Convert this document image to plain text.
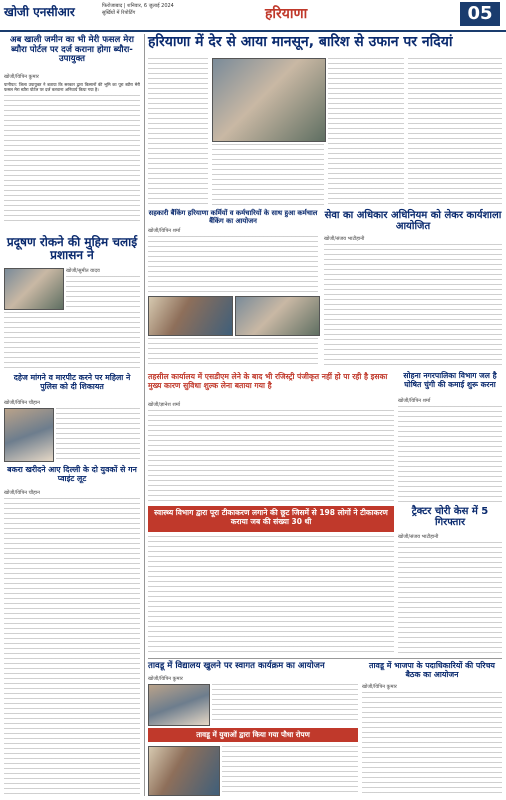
खोजी एनसीआर	फिरोजाबाद | शनिवार, 6 जुलाई 2024
सुर्खियों में रिपोर्टिंग	हरियाणा	05
अब खाली जमीन का भी मेरी फसल मेरा ब्यौरा पोर्टल पर दर्ज कराना होगा ब्यौरा-उपायुक्त
खोजी/विपिन कुमार
पानीपत: जिला उपायुक्त ने बताया कि सरकार द्वारा किसानों की भूमि का पूरा ब्यौरा मेरी फसल मेरा ब्यौरा पोर्टल पर दर्ज करवाना अनिवार्य किया गया है।
प्रदूषण रोकने की मुहिम चलाई प्रशासन ने
खोजी/सुमीत यादव
दहेज मांगने व मारपीट करने पर महिला ने पुलिस को दी शिकायत
खोजी/विपिन चौहान
बकरा खरीदने आए दिल्ली के दो युवकों से गन प्वाइंट लूट
खोजी/विपिन चौहान
हरियाणा में देर से आया मानसून, बारिश से उफान पर नदियां
सहकारी बैंकिंग हरियाणा कर्मियों व कर्मचारियों के साथ हुआ कर्मचाल बैंकिंग का आयोजन
खोजी/विपिन शर्मा
सेवा का अधिकार अधिनियम को लेकर कार्यशाला आयोजित
खोजी/संजय भाटीहानी
तहसील कार्यालय में एसडीएम लेने के बाद भी रजिस्ट्री पंजीकृत नहीं हो पा रही है इसका मुख्य कारण सुविधा शुल्क लेना बताया गया है
खोजी/ज्ञानेश शर्मा
सोहना नगरपालिका विभाग जल है घोषित चुंगी की कमाई शुरू करना
खोजी/विपिन शर्मा
स्वास्थ्य विभाग द्वारा पूरा टीकाकरण लगाने की छूट जिसमें से 198 लोगों ने टीकाकरण कराया जब की संख्या 30 थी
ट्रैक्टर चोरी केस में 5 गिरफ्तार
खोजी/संजय भाटीहानी
तावडू में विद्यालय खुलने पर स्वागत कार्यक्रम का आयोजन
खोजी/विपिन कुमार
तावडू में भाजपा के पदाधिकारियों की परिचय बैठक का आयोजन
खोजी/विपिन कुमार
तावडू में युवाओं द्वारा किया गया पौधा रोपण
